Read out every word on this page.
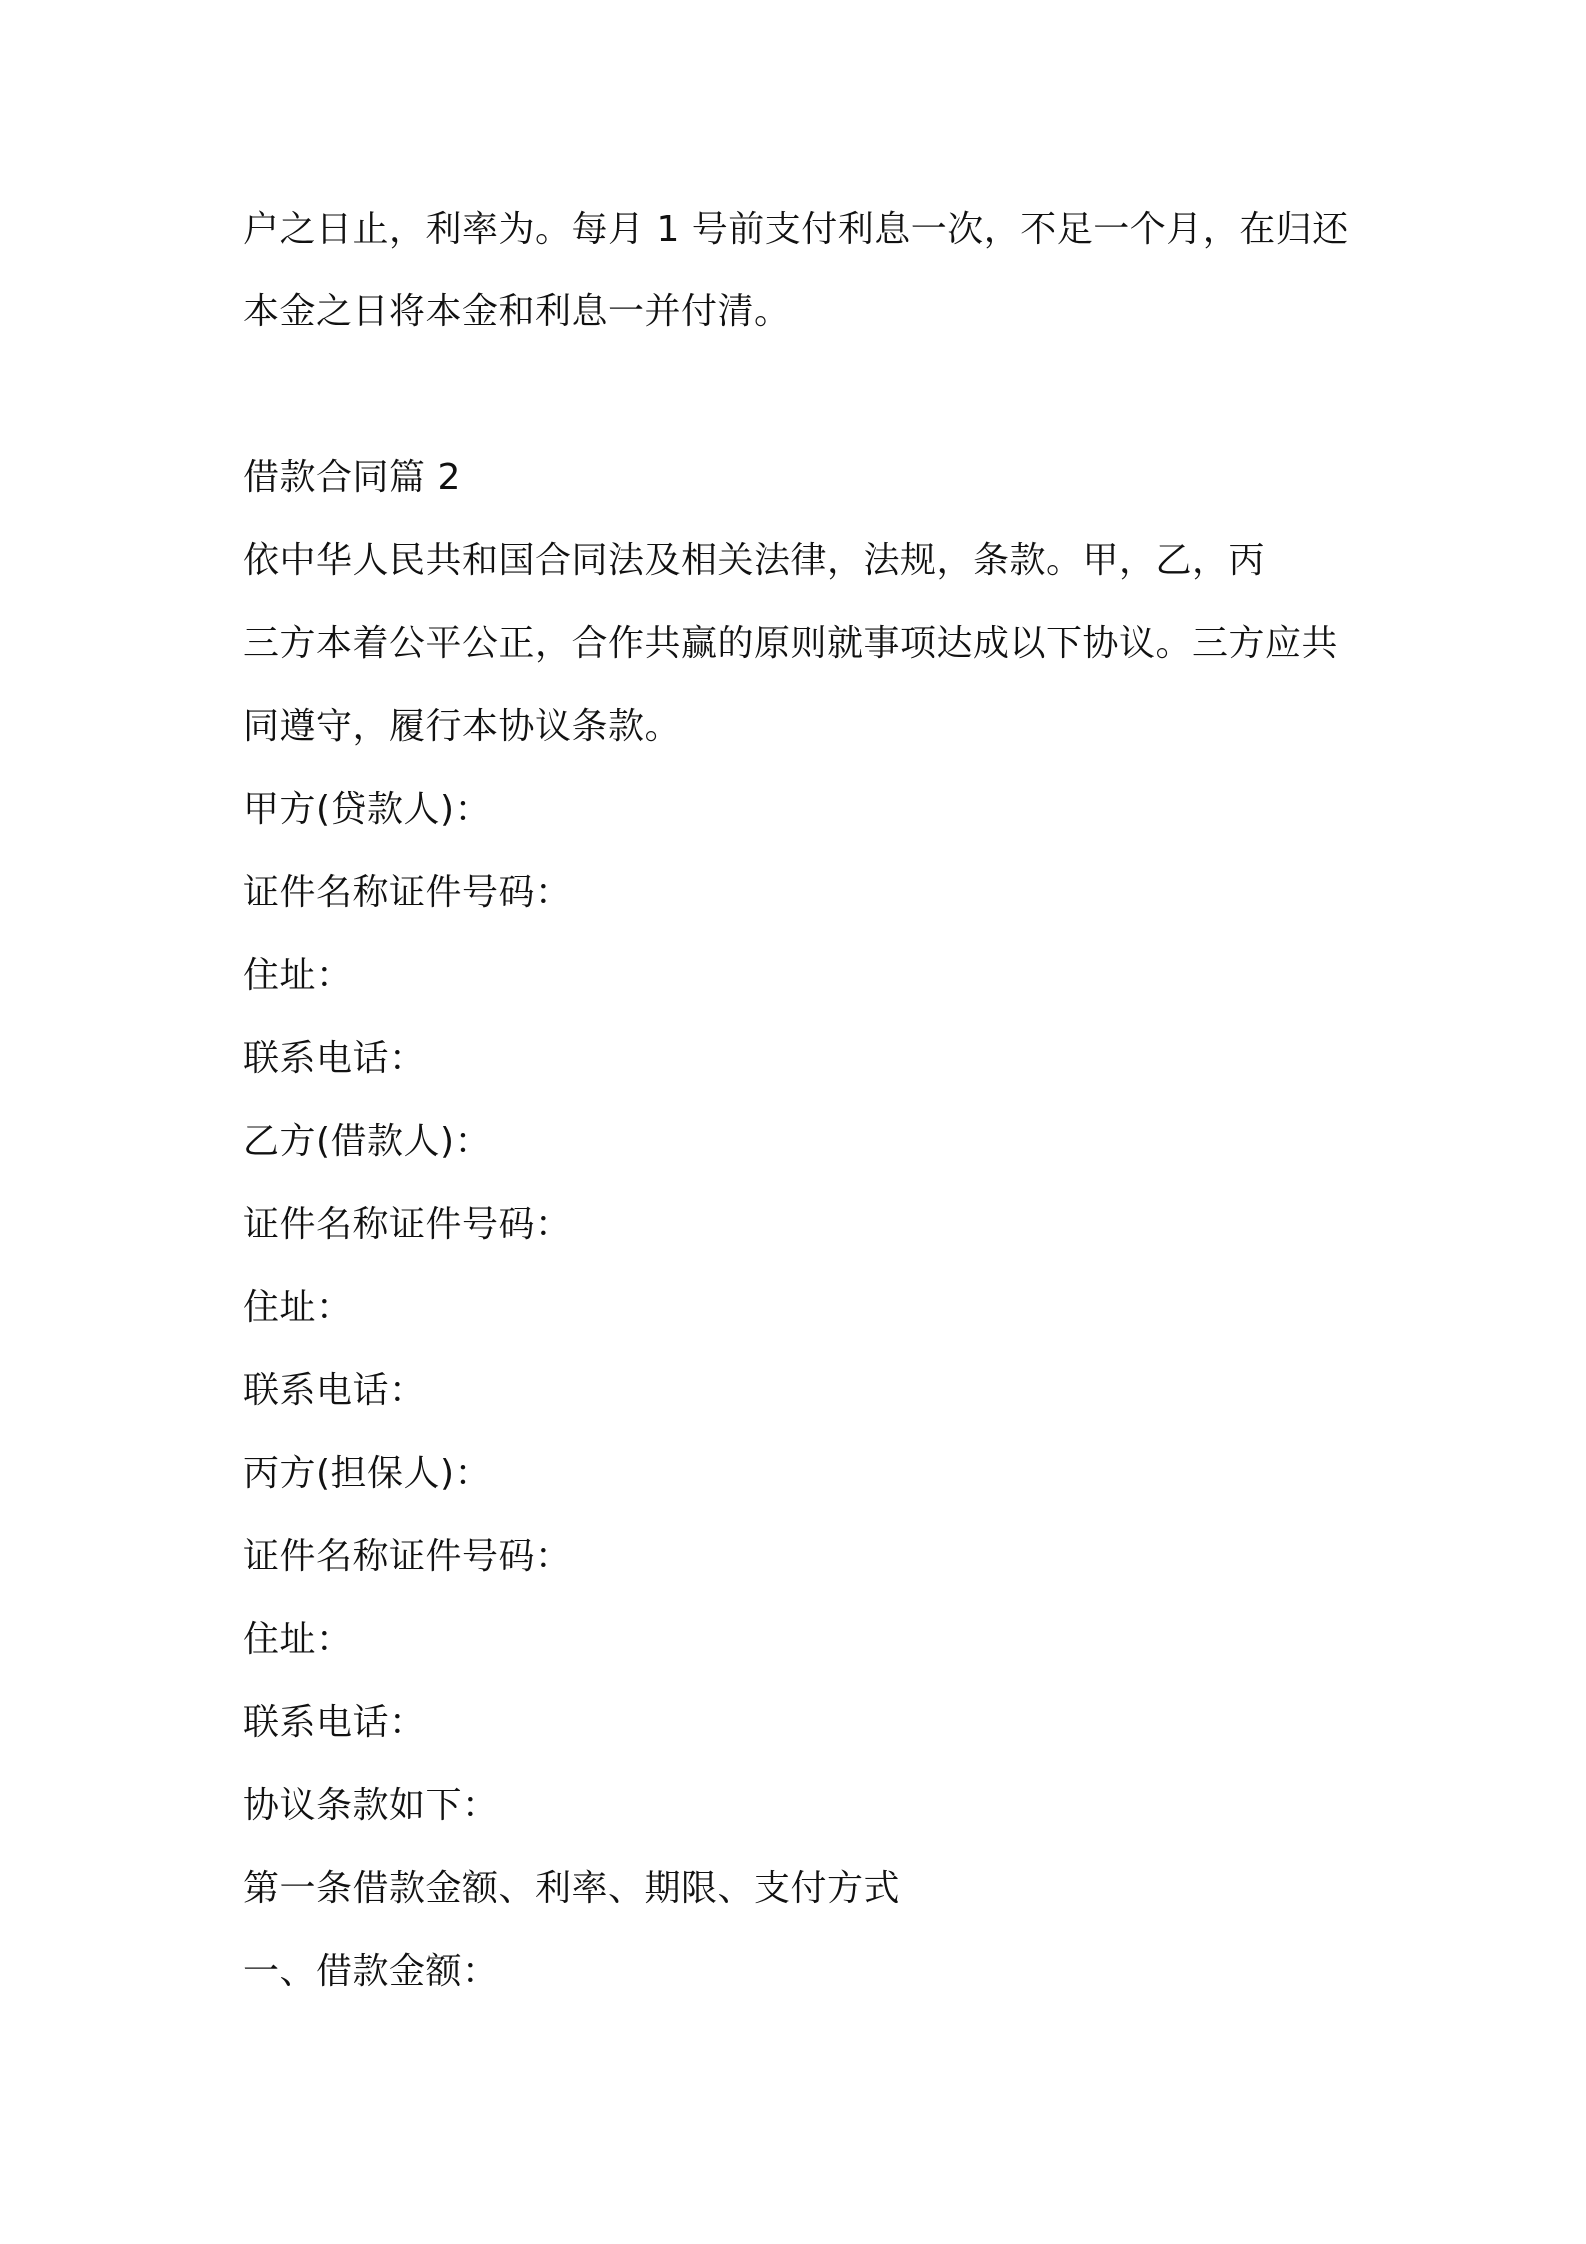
户之日止，利率为。每月 1 号前支付利息一次，不足一个月，在归还
本金之日将本金和利息一并付清。
借款合同篇 2
依中华人民共和国合同法及相关法律，法规，条款。甲，乙，丙
三方本着公平公正，合作共赢的原则就事项达成以下协议。三方应共
同遵守，履行本协议条款。
甲方(贷款人)：
证件名称证件号码：
住址：
联系电话：
乙方(借款人)：
证件名称证件号码：
住址：
联系电话：
丙方(担保人)：
证件名称证件号码：
住址：
联系电话：
协议条款如下：
第一条借款金额、利率、期限、支付方式
一、借款金额：
